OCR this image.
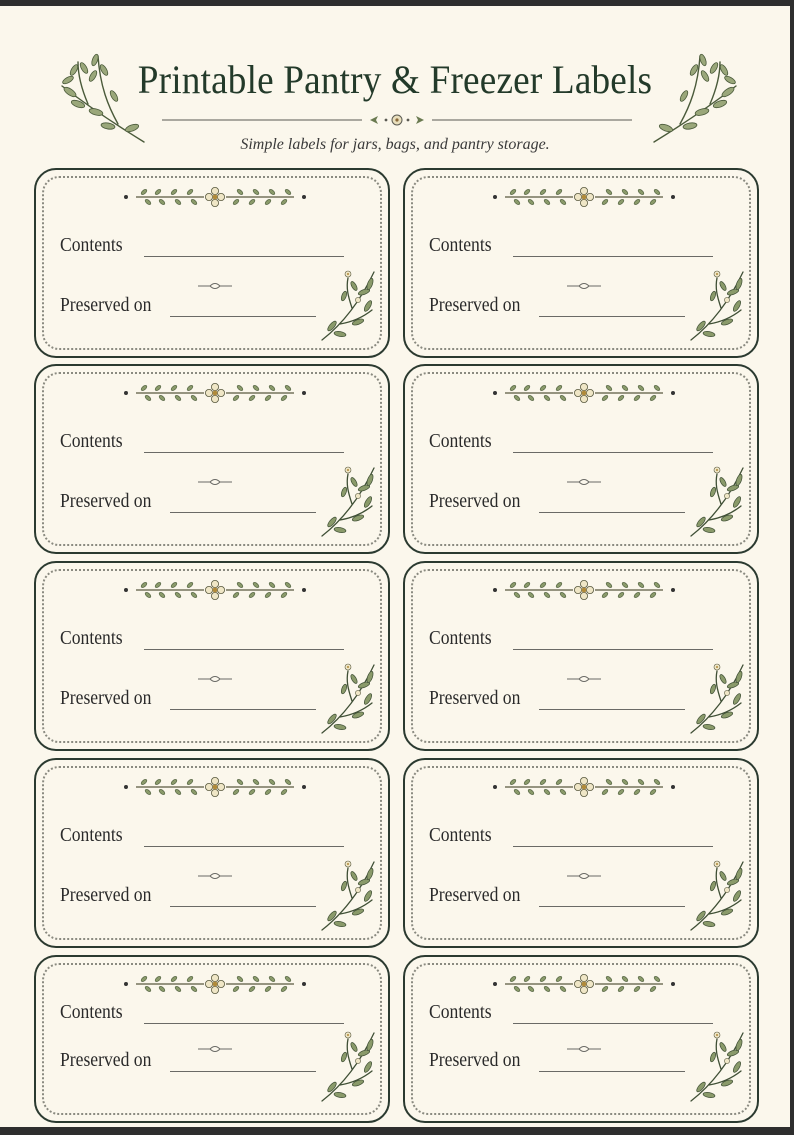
Printable Pantry & Freezer Labels
Simple labels for jars, bags, and pantry storage.
Contents
Preserved on
Contents
Preserved on
Contents
Preserved on
Contents
Preserved on
Contents
Preserved on
Contents
Preserved on
Contents
Preserved on
Contents
Preserved on
Contents
Preserved on
Contents
Preserved on
